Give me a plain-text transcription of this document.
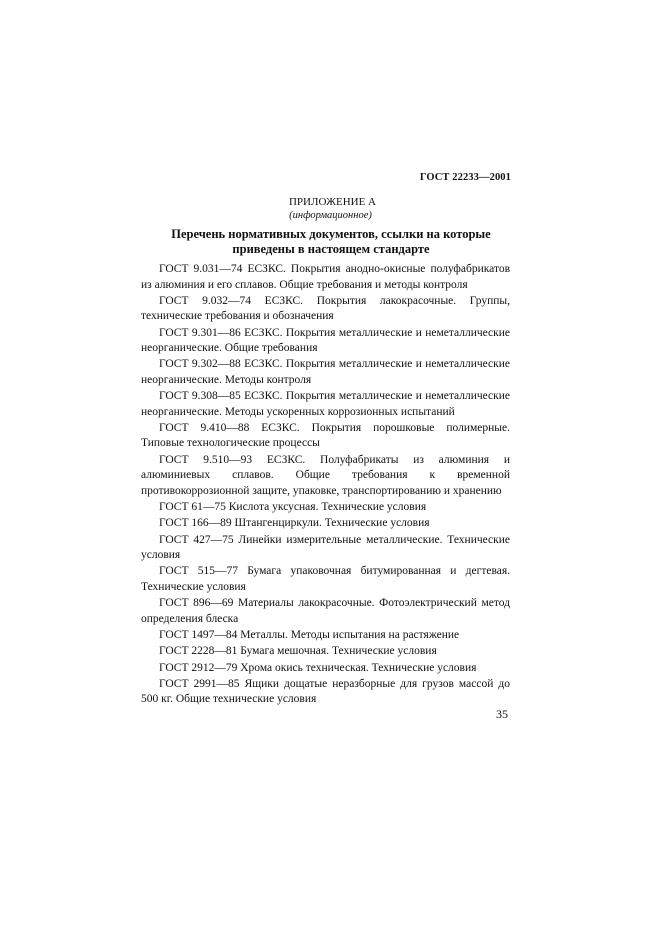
ГОСТ 22233—2001
ПРИЛОЖЕНИЕ А
(информационное)
Перечень нормативных документов, ссылки на которые
приведены в настоящем стандарте

ГОСТ 9.031—74 ЕСЗКС. Покрытия анодно-окисные полуфабрикатов из алюминия и его сплавов. Общие требования и методы контроля

ГОСТ 9.032—74 ЕСЗКС. Покрытия лакокрасочные. Группы, технические требования и обозначения

ГОСТ 9.301—86 ЕСЗКС. Покрытия металлические и неметаллические неорганические. Общие требования

ГОСТ 9.302—88 ЕСЗКС. Покрытия металлические и неметаллические неорганические. Методы контроля

ГОСТ 9.308—85 ЕСЗКС. Покрытия металлические и неметаллические неорганические. Методы ускоренных коррозионных испытаний

ГОСТ 9.410—88 ЕСЗКС. Покрытия порошковые полимерные. Типовые технологические процессы

ГОСТ 9.510—93 ЕСЗКС. Полуфабрикаты из алюминия и алюминиевых сплавов. Общие требования к временной противокоррозионной защите, упаковке, транспортированию и хранению

ГОСТ 61—75 Кислота уксусная. Технические условия

ГОСТ 166—89 Штангенциркули. Технические условия

ГОСТ 427—75 Линейки измерительные металлические. Технические условия

ГОСТ 515—77 Бумага упаковочная битумированная и дегтевая. Технические условия

ГОСТ 896—69 Материалы лакокрасочные. Фотоэлектрический метод определения блеска

ГОСТ 1497—84 Металлы. Методы испытания на растяжение

ГОСТ 2228—81 Бумага мешочная. Технические условия

ГОСТ 2912—79 Хрома окись техническая. Технические условия

ГОСТ 2991—85 Ящики дощатые неразборные для грузов массой до 500 кг. Общие технические условия

35
